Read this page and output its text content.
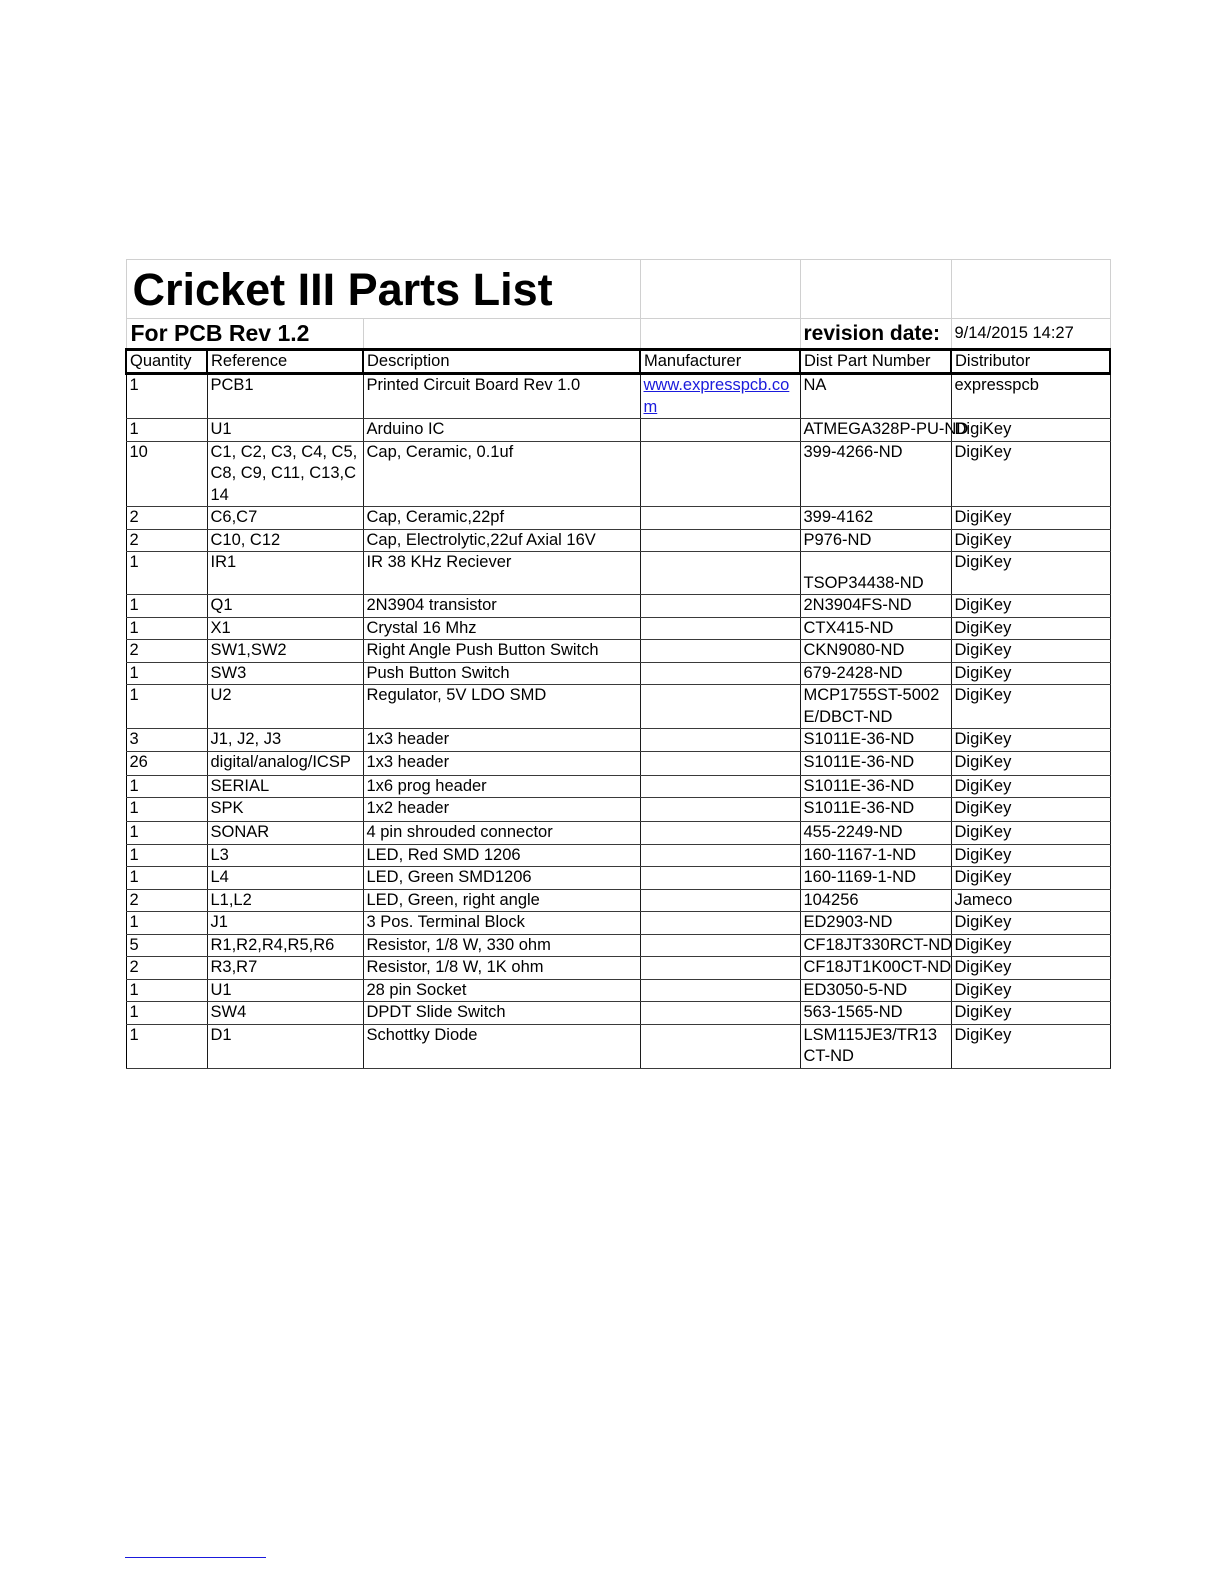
Cricket III Parts List					
For PCB Rev 1.2				revision date:	9/14/2015 14:27
Quantity	Reference	Description	Manufacturer	Dist Part Number	Distributor
1	PCB1	Printed Circuit Board Rev 1.0	www.expresspcb.com	NA	expresspcb
1	U1	Arduino IC		ATMEGA328P-PU-ND	DigiKey
10	C1, C2, C3, C4, C5, C8, C9, C11, C13,C14	Cap, Ceramic, 0.1uf		399-4266-ND	DigiKey
2	C6,C7	Cap, Ceramic,22pf		399-4162	DigiKey
2	C10, C12	Cap, Electrolytic,22uf Axial 16V		P976-ND	DigiKey
1	IR1	IR 38 KHz Reciever		TSOP34438-ND	DigiKey
1	Q1	2N3904 transistor		2N3904FS-ND	DigiKey
1	X1	Crystal 16 Mhz		CTX415-ND	DigiKey
2	SW1,SW2	Right Angle Push Button Switch		CKN9080-ND	DigiKey
1	SW3	Push Button Switch		679-2428-ND	DigiKey
1	U2	Regulator, 5V LDO SMD		MCP1755ST-5002E/DBCT-ND	DigiKey
3	J1, J2, J3	1x3 header		S1011E-36-ND	DigiKey
26	digital/analog/ICSP	1x3 header		S1011E-36-ND	DigiKey
1	SERIAL	1x6 prog header		S1011E-36-ND	DigiKey
1	SPK	1x2 header		S1011E-36-ND	DigiKey
1	SONAR	4 pin shrouded connector		455-2249-ND	DigiKey
1	L3	LED, Red SMD 1206		160-1167-1-ND	DigiKey
1	L4	LED, Green SMD1206		160-1169-1-ND	DigiKey
2	L1,L2	LED, Green, right angle		104256	Jameco
1	J1	3 Pos. Terminal Block		ED2903-ND	DigiKey
5	R1,R2,R4,R5,R6	Resistor, 1/8 W, 330 ohm		CF18JT330RCT-ND	DigiKey
2	R3,R7	Resistor, 1/8 W, 1K ohm		CF18JT1K00CT-ND	DigiKey
1	U1	28 pin Socket		ED3050-5-ND	DigiKey
1	SW4	DPDT Slide Switch		563-1565-ND	DigiKey
1	D1	Schottky Diode		LSM115JE3/TR13CT-ND	DigiKey
